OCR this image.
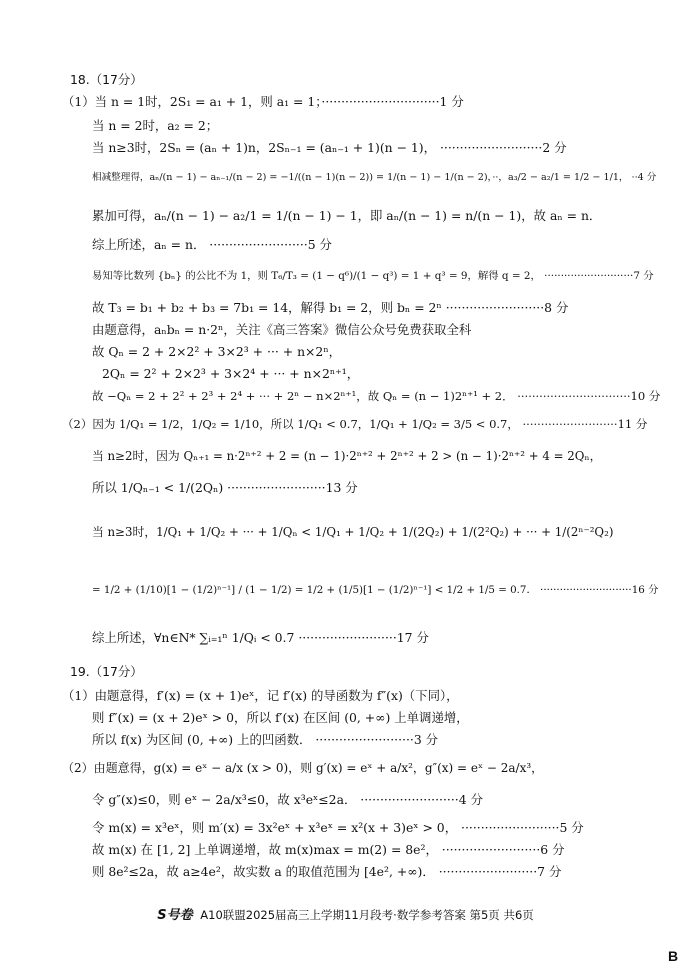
18.（17分）
（1）当 n = 1时，2S₁ = a₁ + 1，则 a₁ = 1；······························1 分
当 n = 2时，a₂ = 2；
当 n≥3时，2Sₙ = (aₙ + 1)n，2Sₙ₋₁ = (aₙ₋₁ + 1)(n − 1)， ··························2 分
相减整理得，aₙ/(n − 1) − aₙ₋₁/(n − 2) = −1/((n − 1)(n − 2)) = 1/(n − 1) − 1/(n − 2)，··，a₃/2 − a₂/1 = 1/2 − 1/1， ··4 分
累加可得，aₙ/(n − 1) − a₂/1 = 1/(n − 1) − 1，即 aₙ/(n − 1) = n/(n − 1)，故 aₙ = n．
综上所述，aₙ = n． ·························5 分
易知等比数列 {bₙ} 的公比不为 1，则 T₆/T₃ = (1 − q⁶)/(1 − q³) = 1 + q³ = 9，解得 q = 2， ···························7 分
故 T₃ = b₁ + b₂ + b₃ = 7b₁ = 14，解得 b₁ = 2，则 bₙ = 2ⁿ ·························8 分
由题意得，aₙbₙ = n·2ⁿ，关注《高三答案》微信公众号免费获取全科
故 Qₙ = 2 + 2×2² + 3×2³ + ··· + n×2ⁿ，
2Qₙ = 2² + 2×2³ + 3×2⁴ + ··· + n×2ⁿ⁺¹，
故 −Qₙ = 2 + 2² + 2³ + 2⁴ + ··· + 2ⁿ − n×2ⁿ⁺¹，故 Qₙ = (n − 1)2ⁿ⁺¹ + 2． ·······························10 分
（2）因为 1/Q₁ = 1/2，1/Q₂ = 1/10，所以 1/Q₁ < 0.7，1/Q₁ + 1/Q₂ = 3/5 < 0.7， ··························11 分
当 n≥2时，因为 Qₙ₊₁ = n·2ⁿ⁺² + 2 = (n − 1)·2ⁿ⁺² + 2ⁿ⁺² + 2 > (n − 1)·2ⁿ⁺² + 4 = 2Qₙ，
所以 1/Qₙ₋₁ < 1/(2Qₙ) ·························13 分
当 n≥3时，1/Q₁ + 1/Q₂ + ··· + 1/Qₙ < 1/Q₁ + 1/Q₂ + 1/(2Q₂) + 1/(2²Q₂) + ··· + 1/(2ⁿ⁻²Q₂)
= 1/2 + (1/10)[1 − (1/2)ⁿ⁻¹] / (1 − 1/2) = 1/2 + (1/5)[1 − (1/2)ⁿ⁻¹] < 1/2 + 1/5 = 0.7． ····························16 分
综上所述，∀n∈N* ∑ᵢ₌₁ⁿ 1/Qᵢ < 0.7 ·························17 分
19.（17分）
（1）由题意得，f′(x) = (x + 1)eˣ，记 f′(x) 的导函数为 f″(x)（下同），
则 f″(x) = (x + 2)eˣ > 0，所以 f′(x) 在区间 (0, +∞) 上单调递增，
所以 f(x) 为区间 (0, +∞) 上的凹函数． ·························3 分
（2）由题意得，g(x) = eˣ − a/x (x > 0)，则 g′(x) = eˣ + a/x²，g″(x) = eˣ − 2a/x³，
令 g″(x)≤0，则 eˣ − 2a/x³≤0，故 x³eˣ≤2a． ·························4 分
令 m(x) = x³eˣ，则 m′(x) = 3x²eˣ + x³eˣ = x²(x + 3)eˣ > 0， ·························5 分
故 m(x) 在 [1, 2] 上单调递增，故 m(x)max = m(2) = 8e²， ·························6 分
则 8e²≤2a，故 a≥4e²，故实数 a 的取值范围为 [4e², +∞)． ·························7 分
S号卷 A10联盟2025届高三上学期11月段考·数学参考答案 第5页 共6页
B
